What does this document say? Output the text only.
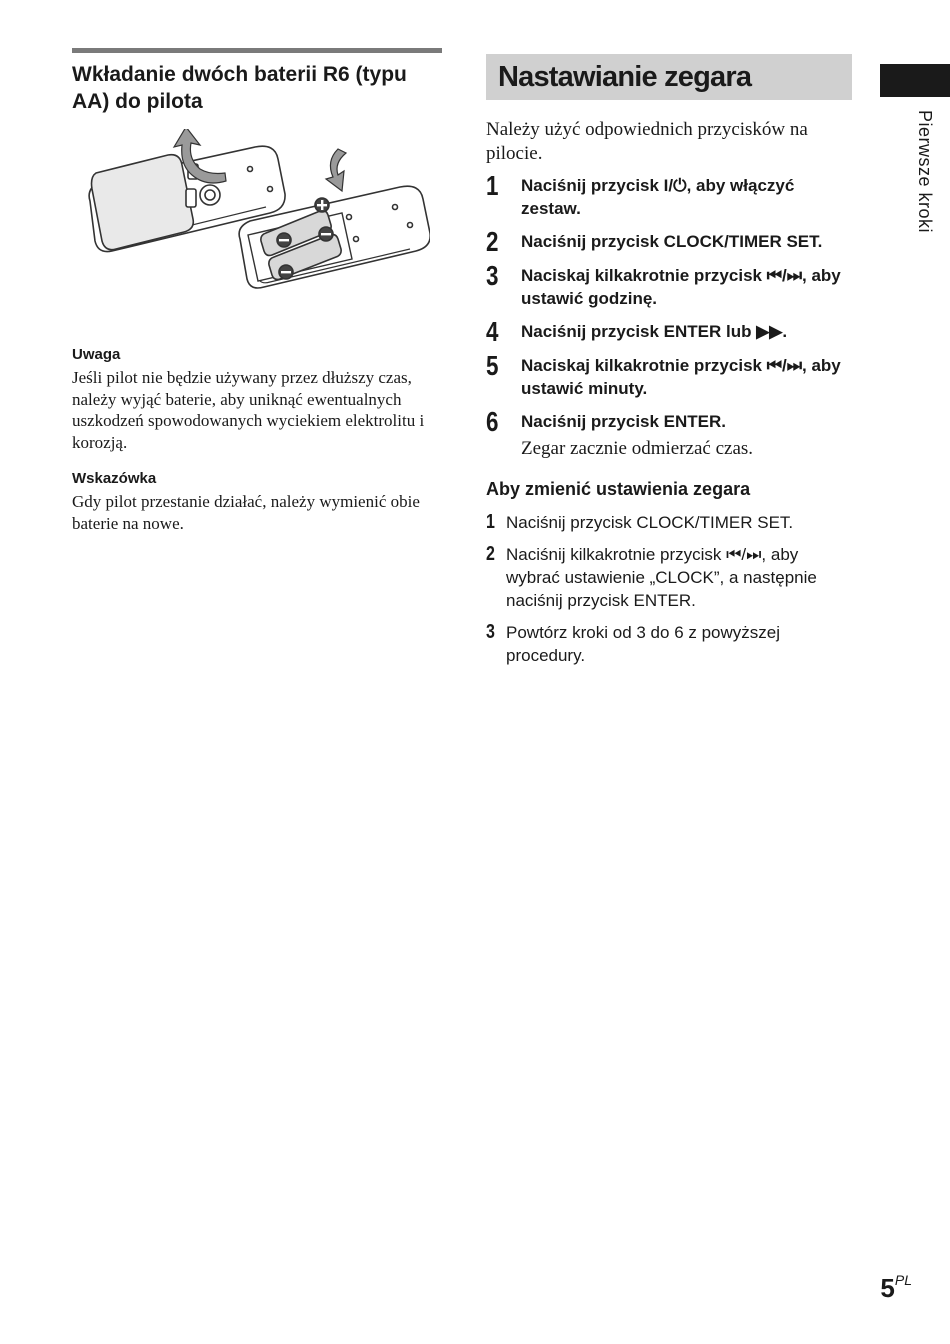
Wkładanie dwóch baterii R6 (typu AA) do pilota
Uwaga
Jeśli pilot nie będzie używany przez dłuższy czas, należy wyjąć baterie, aby uniknąć ewentualnych uszkodzeń spowodowanych wyciekiem elektrolitu i korozją.
Wskazówka
Gdy pilot przestanie działać, należy wymienić obie baterie na nowe.
Nastawianie zegara
Należy użyć odpowiednich przycisków na pilocie.
1	Naciśnij przycisk I/⏻, aby włączyć zestaw.
2	Naciśnij przycisk CLOCK/TIMER SET.
3	Naciskaj kilkakrotnie przycisk ⏮/⏭, aby ustawić godzinę.
4	Naciśnij przycisk ENTER lub ▶▶.
5	Naciskaj kilkakrotnie przycisk ⏮/⏭, aby ustawić minuty.
6	Naciśnij przycisk ENTER.
Zegar zacznie odmierzać czas.
Aby zmienić ustawienia zegara
1 Naciśnij przycisk CLOCK/TIMER SET.
2 Naciśnij kilkakrotnie przycisk ⏮/⏭, aby wybrać ustawienie „CLOCK”, a następnie naciśnij przycisk ENTER.
3 Powtórz kroki od 3 do 6 z powyższej procedury.
Pierwsze kroki
$5^{PL}$
